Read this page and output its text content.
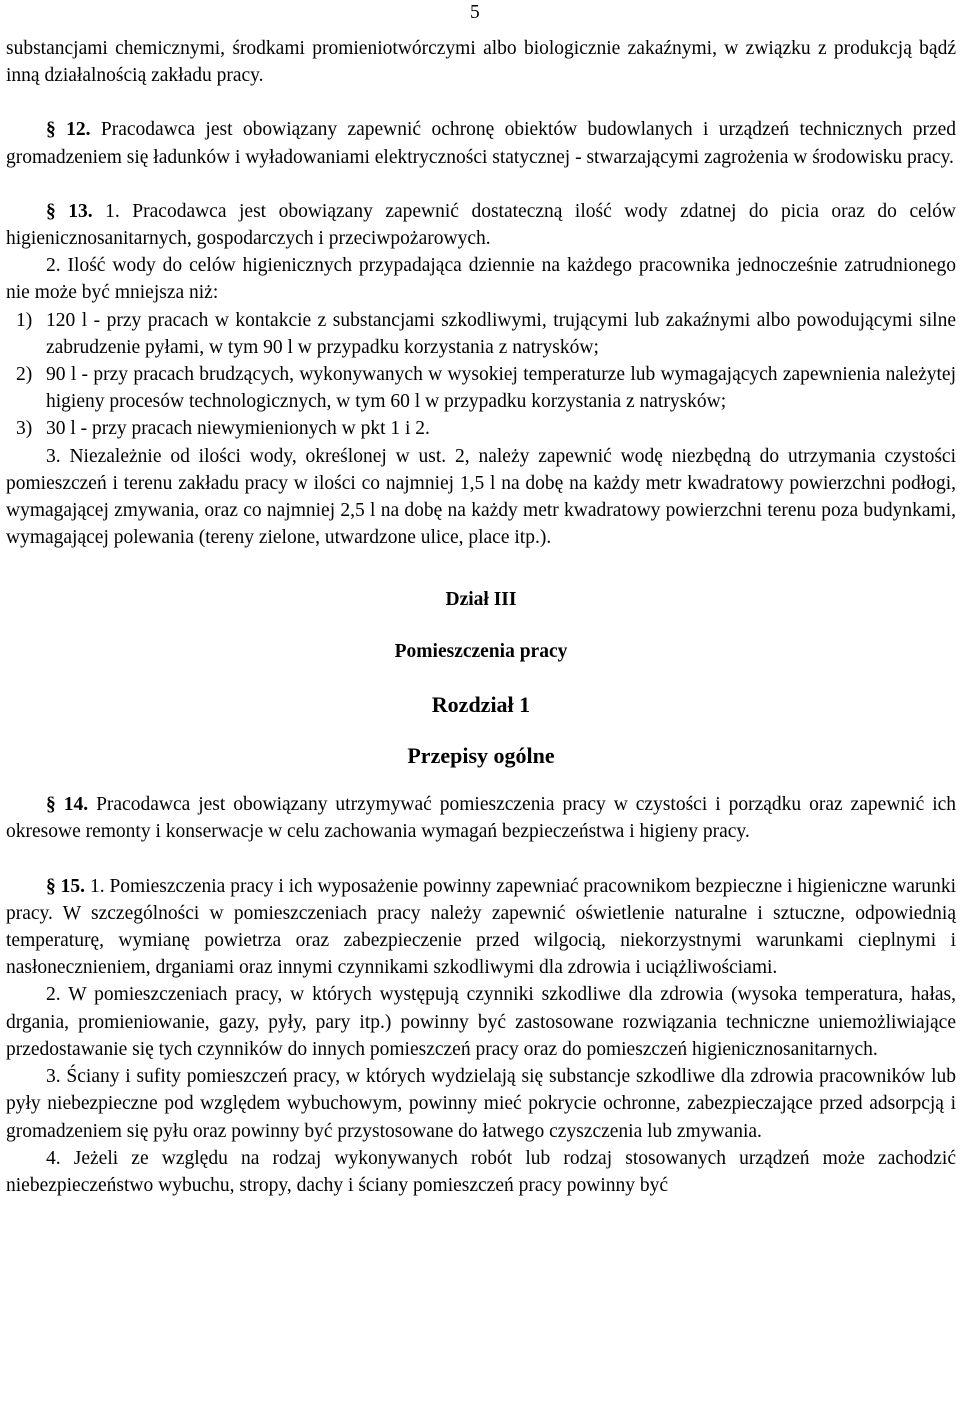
5

substancjami chemicznymi, środkami promieniotwórczymi albo biologicznie zakaźnymi, w związku z produkcją bądź inną działalnością zakładu pracy.

§ 12. Pracodawca jest obowiązany zapewnić ochronę obiektów budowlanych i urządzeń technicznych przed gromadzeniem się ładunków i wyładowaniami elektryczności statycznej - stwarzającymi zagrożenia w środowisku pracy.

§ 13. 1. Pracodawca jest obowiązany zapewnić dostateczną ilość wody zdatnej do picia oraz do celów higienicznosanitarnych, gospodarczych i przeciwpożarowych.

2. Ilość wody do celów higienicznych przypadająca dziennie na każdego pracownika jednocześnie zatrudnionego nie może być mniejsza niż:

1) 120 l - przy pracach w kontakcie z substancjami szkodliwymi, trującymi lub zakaźnymi albo powodującymi silne zabrudzenie pyłami, w tym 90 l w przypadku korzystania z natrysków;

2) 90 l - przy pracach brudzących, wykonywanych w wysokiej temperaturze lub wymagających zapewnienia należytej higieny procesów technologicznych, w tym 60 l w przypadku korzystania z natrysków;

3) 30 l - przy pracach niewymienionych w pkt 1 i 2.

3. Niezależnie od ilości wody, określonej w ust. 2, należy zapewnić wodę niezbędną do utrzymania czystości pomieszczeń i terenu zakładu pracy w ilości co najmniej 1,5 l na dobę na każdy metr kwadratowy powierzchni podłogi, wymagającej zmywania, oraz co najmniej 2,5 l na dobę na każdy metr kwadratowy powierzchni terenu poza budynkami, wymagającej polewania (tereny zielone, utwardzone ulice, place itp.).

Dział III
Pomieszczenia pracy
Rozdział 1
Przepisy ogólne

§ 14. Pracodawca jest obowiązany utrzymywać pomieszczenia pracy w czystości i porządku oraz zapewnić ich okresowe remonty i konserwacje w celu zachowania wymagań bezpieczeństwa i higieny pracy.

§ 15. 1. Pomieszczenia pracy i ich wyposażenie powinny zapewniać pracownikom bezpieczne i higieniczne warunki pracy. W szczególności w pomieszczeniach pracy należy zapewnić oświetlenie naturalne i sztuczne, odpowiednią temperaturę, wymianę powietrza oraz zabezpieczenie przed wilgocią, niekorzystnymi warunkami cieplnymi i nasłonecznieniem, drganiami oraz innymi czynnikami szkodliwymi dla zdrowia i uciążliwościami.

2. W pomieszczeniach pracy, w których występują czynniki szkodliwe dla zdrowia (wysoka temperatura, hałas, drgania, promieniowanie, gazy, pyły, pary itp.) powinny być zastosowane rozwiązania techniczne uniemożliwiające przedostawanie się tych czynników do innych pomieszczeń pracy oraz do pomieszczeń higienicznosanitarnych.

3. Ściany i sufity pomieszczeń pracy, w których wydzielają się substancje szkodliwe dla zdrowia pracowników lub pyły niebezpieczne pod względem wybuchowym, powinny mieć pokrycie ochronne, zabezpieczające przed adsorpcją i gromadzeniem się pyłu oraz powinny być przystosowane do łatwego czyszczenia lub zmywania.

4. Jeżeli ze względu na rodzaj wykonywanych robót lub rodzaj stosowanych urządzeń może zachodzić niebezpieczeństwo wybuchu, stropy, dachy i ściany pomieszczeń pracy powinny być
